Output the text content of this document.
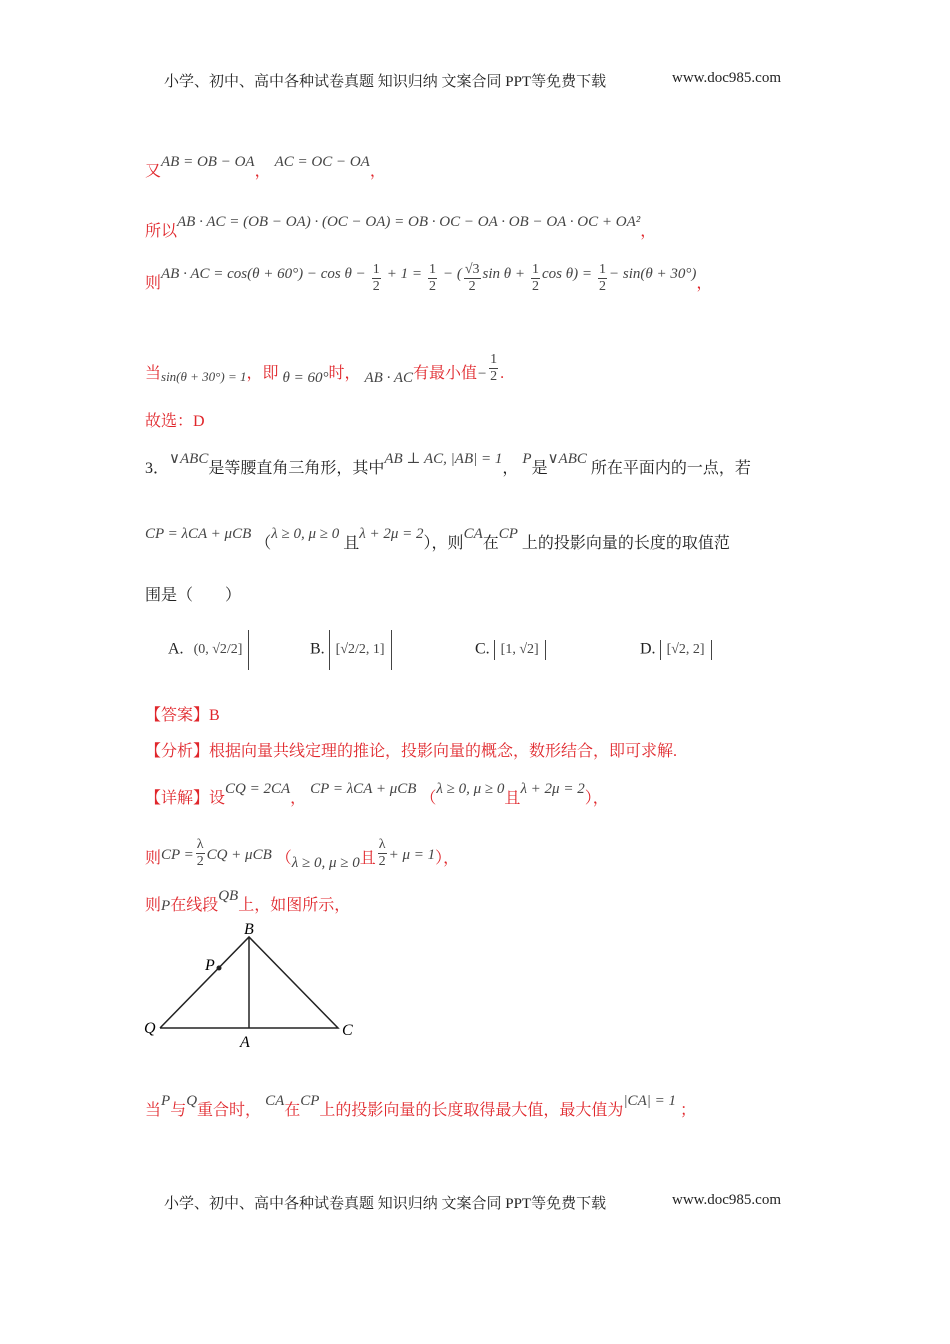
小学、初中、高中各种试卷真题 知识归纳 文案合同 PPT等免费下载	www.doc985.com
又AB = OB − OA， AC = OC − OA，
所以AB · AC = (OB − OA) · (OC − OA) = OB · OC − OA · OB − OA · OC + OA²，
则AB · AC = $\cos(\theta + 60^\circ) - \cos \theta - \frac{1}{2} + 1 = \frac{1}{2}$ − ( $\frac{√3}{2}$ $\sin \theta + \frac{1}{2}$ $\cos \theta) = \frac{1}{2} - \sin(\theta + 30^\circ)$，
当sin(θ + 30°) = 1，即 θ = 60°时， AB · AC有最小值− $\frac{1}{2}$ .
故选：D
3．∨ABC是等腰直角三角形，其中AB ⊥ AC, |AB| = 1， P是∨ABC 所在平面内的一点，若
CP = λCA + μCB （λ ≥ 0, μ ≥ 0 且λ + 2μ = 2），则CA在CP 上的投影向量的长度的取值范
围是（　　）
A. (0, √2/2]	B. [√2/2, 1]	C. [1, √2]	D. [√2, 2]
【答案】B
【分析】根据向量共线定理的推论，投影向量的概念，数形结合，即可求解.
【详解】设CQ = 2CA， CP = λCA + μCB （λ ≥ 0, μ ≥ 0且λ + 2μ = 2），
则CP = $\frac{\lambda}{2}$ CQ + μCB （λ ≥ 0, μ ≥ 0且 $\frac{\lambda}{2} + \mu = 1$），
则P在线段QB上，如图所示，
B
P
Q
A
C
当P与Q重合时， CA在CP上的投影向量的长度取得最大值，最大值为|CA| = 1 ；
小学、初中、高中各种试卷真题 知识归纳 文案合同 PPT等免费下载	www.doc985.com
